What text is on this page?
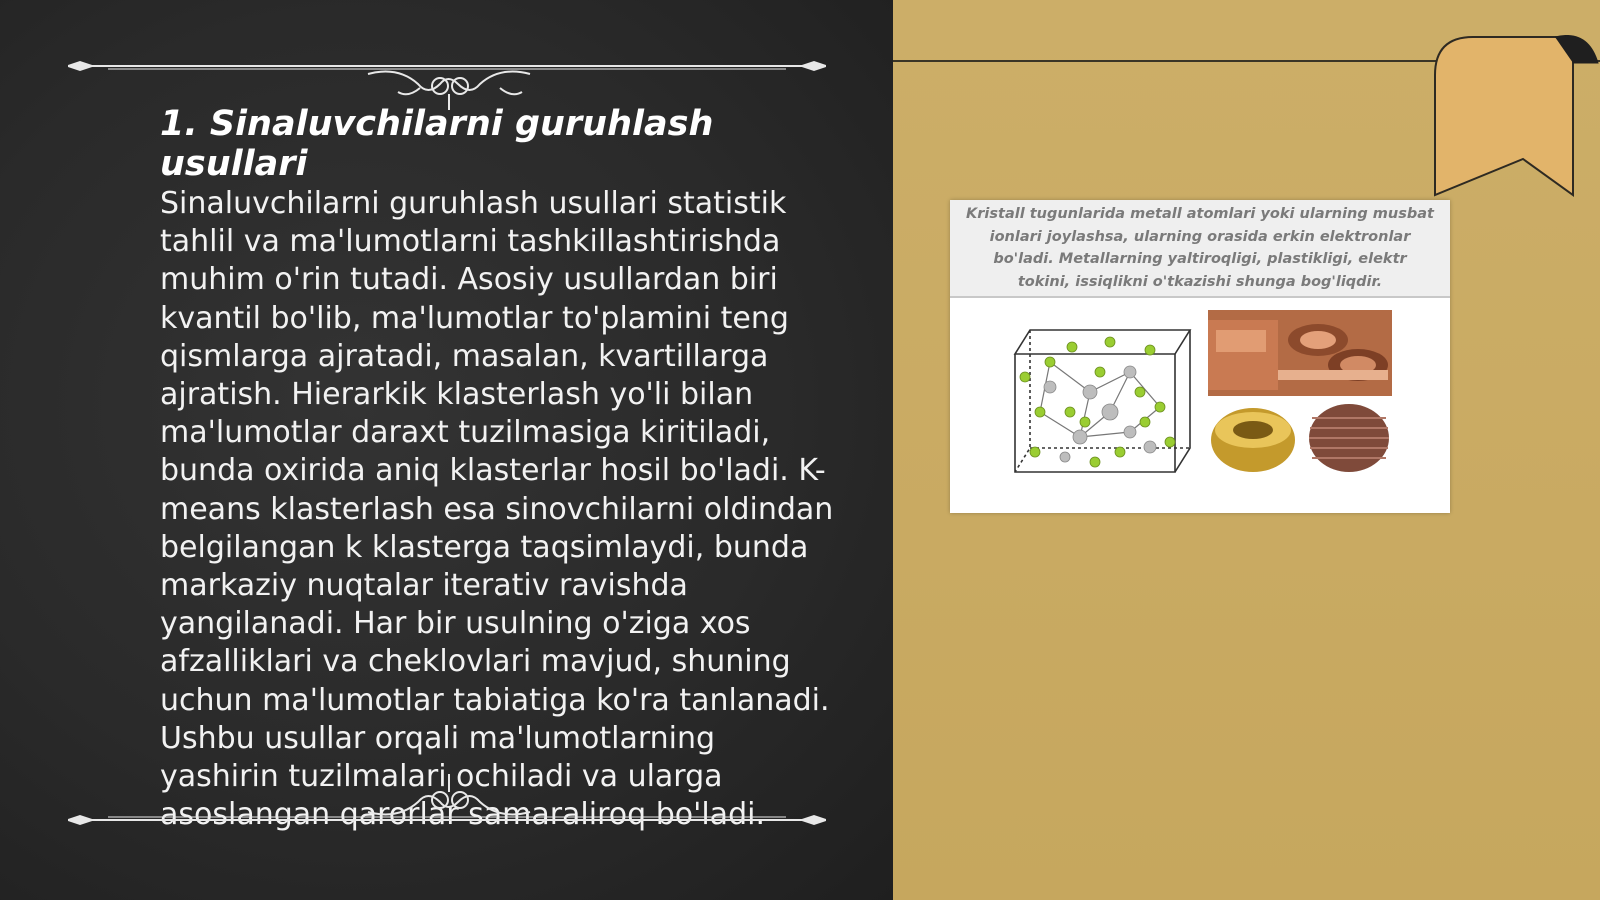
1. Sinaluvchilarni guruhlash usullari

Sinaluvchilarni guruhlash usullari statistik tahlil va ma'lumotlarni tashkillashtirishda muhim o'rin tutadi. Asosiy usullardan biri kvantil bo'lib, ma'lumotlar to'plamini teng qismlarga ajratadi, masalan, kvartillarga ajratish. Hierarkik klasterlash yo'li bilan ma'lumotlar daraxt tuzilmasiga kiritiladi, bunda oxirida aniq klasterlar hosil bo'ladi. K-means klasterlash esa sinovchilarni oldindan belgilangan k klasterga taqsimlaydi, bunda markaziy nuqtalar iterativ ravishda yangilanadi. Har bir usulning o'ziga xos afzalliklari va cheklovlari mavjud, shuning uchun ma'lumotlar tabiatiga ko'ra tanlanadi. Ushbu usullar orqali ma'lumotlarning yashirin tuzilmalari ochiladi va ularga asoslangan qarorlar samaraliroq bo'ladi.

Kristall tugunlarida metall atomlari yoki ularning musbat ionlari joylashsa, ularning orasida erkin elektronlar bo'ladi. Metallarning yaltiroqligi, plastikligi, elektr tokini, issiqlikni o'tkazishi shunga bog'liqdir.
